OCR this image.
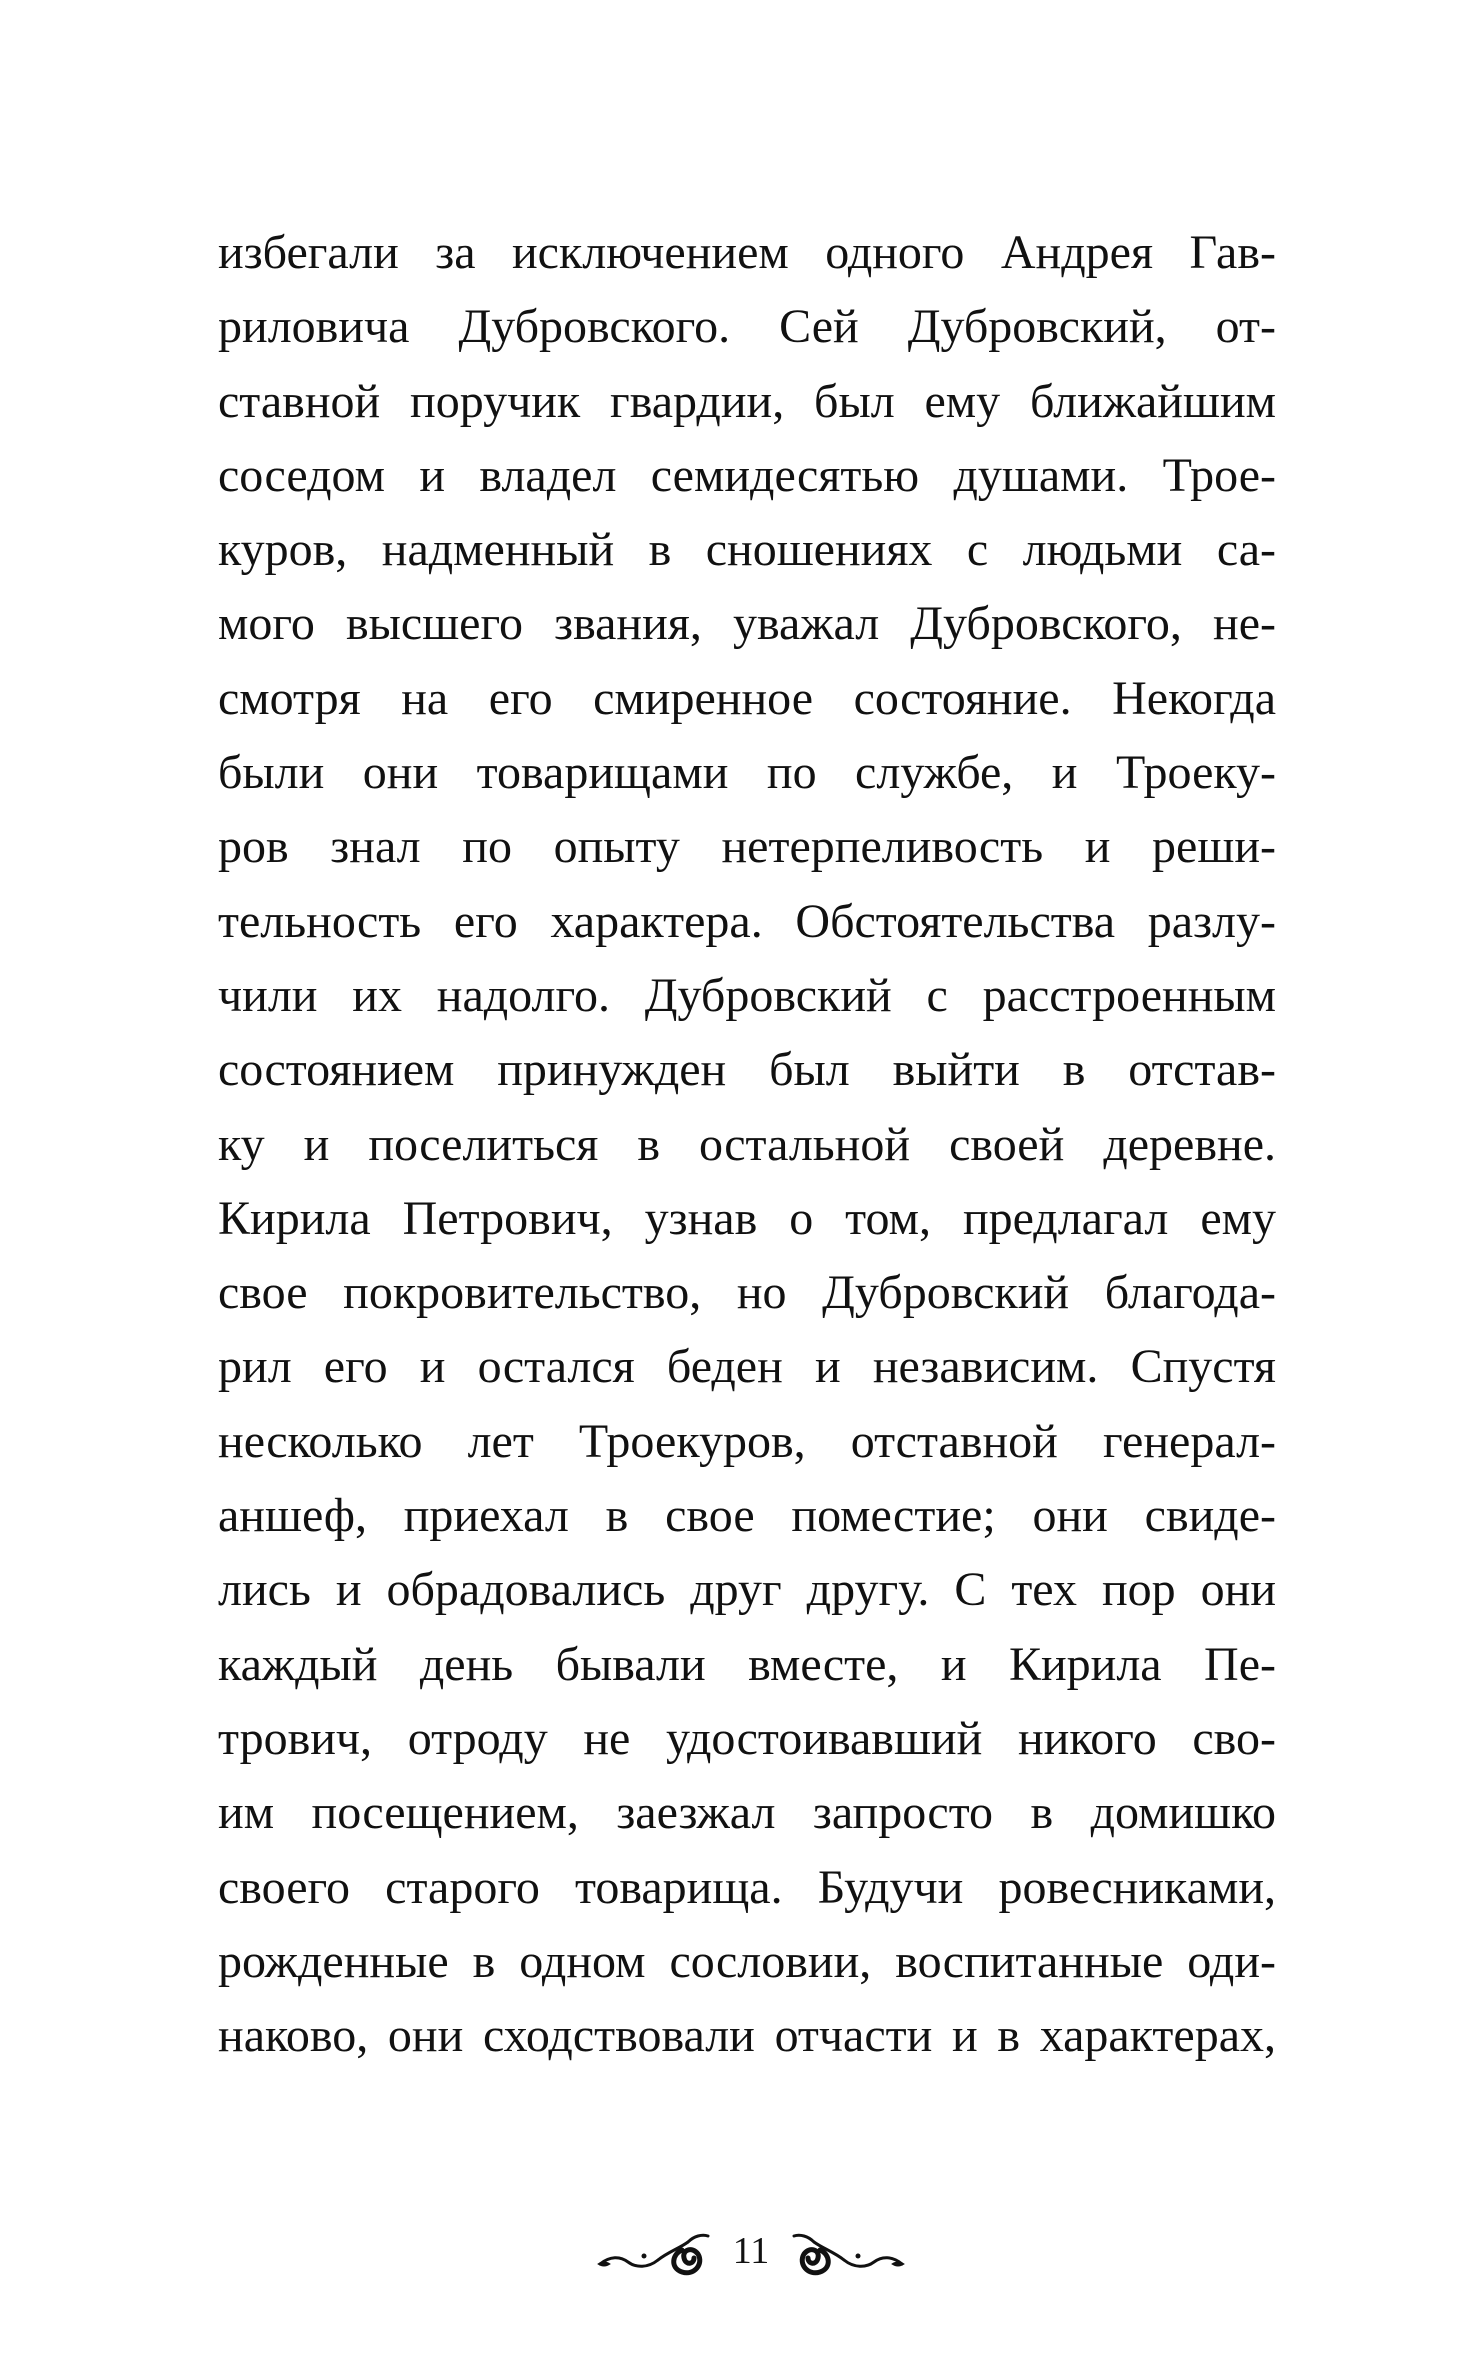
избегали за исключением одного Андрея Гав-
риловича Дубровского. Сей Дубровский, от-
ставной поручик гвардии, был ему ближайшим
соседом и владел семидесятью душами. Трое-
куров, надменный в сношениях с людьми са-
мого высшего звания, уважал Дубровского, не-
смотря на его смиренное состояние. Некогда
были они товарищами по службе, и Троеку-
ров знал по опыту нетерпеливость и реши-
тельность его характера. Обстоятельства разлу-
чили их надолго. Дубровский с расстроенным
состоянием принужден был выйти в отстав-
ку и поселиться в остальной своей деревне.
Кирила Петрович, узнав о том, предлагал ему
свое покровительство, но Дубровский благода-
рил его и остался беден и независим. Спустя
несколько лет Троекуров, отставной генерал-
аншеф, приехал в свое поместие; они свиде-
лись и обрадовались друг другу. С тех пор они
каждый день бывали вместе, и Кирила Пе-
трович, отроду не удостоивавший никого сво-
им посещением, заезжал запросто в домишко
своего старого товарища. Будучи ровесниками,
рожденные в одном сословии, воспитанные оди-
наково, они сходствовали отчасти и в характерах,
11
